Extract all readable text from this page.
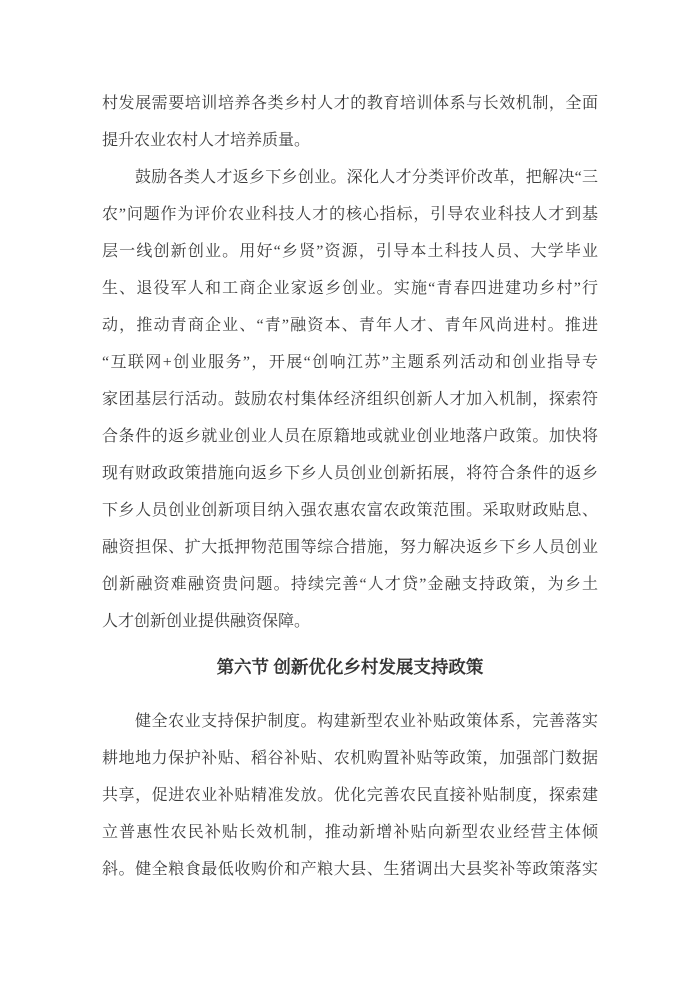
村发展需要培训培养各类乡村人才的教育培训体系与长效机制，全面
提升农业农村人才培养质量。
鼓励各类人才返乡下乡创业。深化人才分类评价改革，把解决“三
农”问题作为评价农业科技人才的核心指标，引导农业科技人才到基
层一线创新创业。用好“乡贤”资源，引导本土科技人员、大学毕业
生、退役军人和工商企业家返乡创业。实施“青春四进建功乡村”行
动，推动青商企业、“青”融资本、青年人才、青年风尚进村。推进
“互联网+创业服务”，开展“创响江苏”主题系列活动和创业指导专
家团基层行活动。鼓励农村集体经济组织创新人才加入机制，探索符
合条件的返乡就业创业人员在原籍地或就业创业地落户政策。加快将
现有财政政策措施向返乡下乡人员创业创新拓展，将符合条件的返乡
下乡人员创业创新项目纳入强农惠农富农政策范围。采取财政贴息、
融资担保、扩大抵押物范围等综合措施，努力解决返乡下乡人员创业
创新融资难融资贵问题。持续完善“人才贷”金融支持政策，为乡土
人才创新创业提供融资保障。
第六节 创新优化乡村发展支持政策
健全农业支持保护制度。构建新型农业补贴政策体系，完善落实
耕地地力保护补贴、稻谷补贴、农机购置补贴等政策，加强部门数据
共享，促进农业补贴精准发放。优化完善农民直接补贴制度，探索建
立普惠性农民补贴长效机制，推动新增补贴向新型农业经营主体倾
斜。健全粮食最低收购价和产粮大县、生猪调出大县奖补等政策落实
